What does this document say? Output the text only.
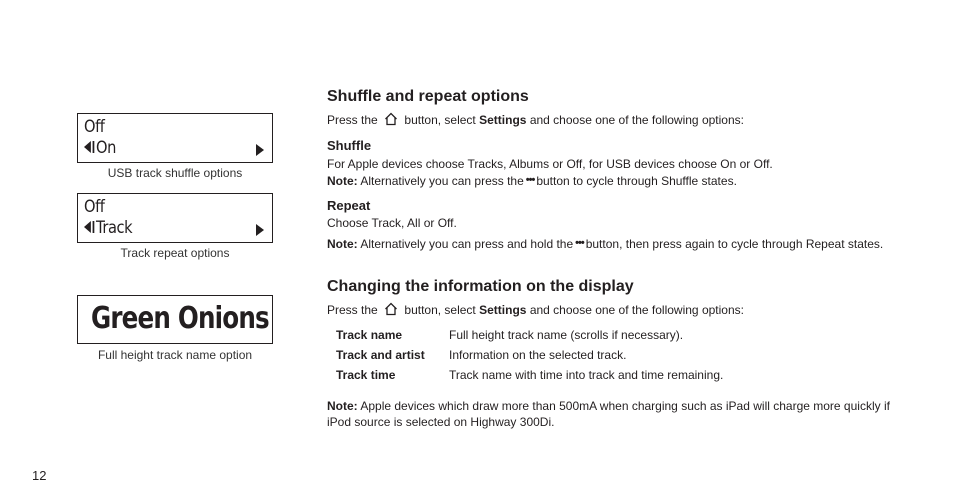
Off
On
USB track shuffle options
Off
Track
Track repeat options
Green Onions
Full height track name option
Shuffle and repeat options
Press the button, select Settings and choose one of the following options:
Shuffle
For Apple devices choose Tracks, Albums or Off, for USB devices choose On or Off.
Note: Alternatively you can press the ••• button to cycle through Shuffle states.
Repeat
Choose Track, All or Off.
Note: Alternatively you can press and hold the ••• button, then press again to cycle through Repeat states.
Changing the information on the display
Press the button, select Settings and choose one of the following options:
Track name	Full height track name (scrolls if necessary).
Track and artist Information on the selected track.
Track time	Track name with time into track and time remaining.
Note: Apple devices which draw more than 500mA when charging such as iPad will charge more quickly if iPod source is selected on Highway 300Di.
12
